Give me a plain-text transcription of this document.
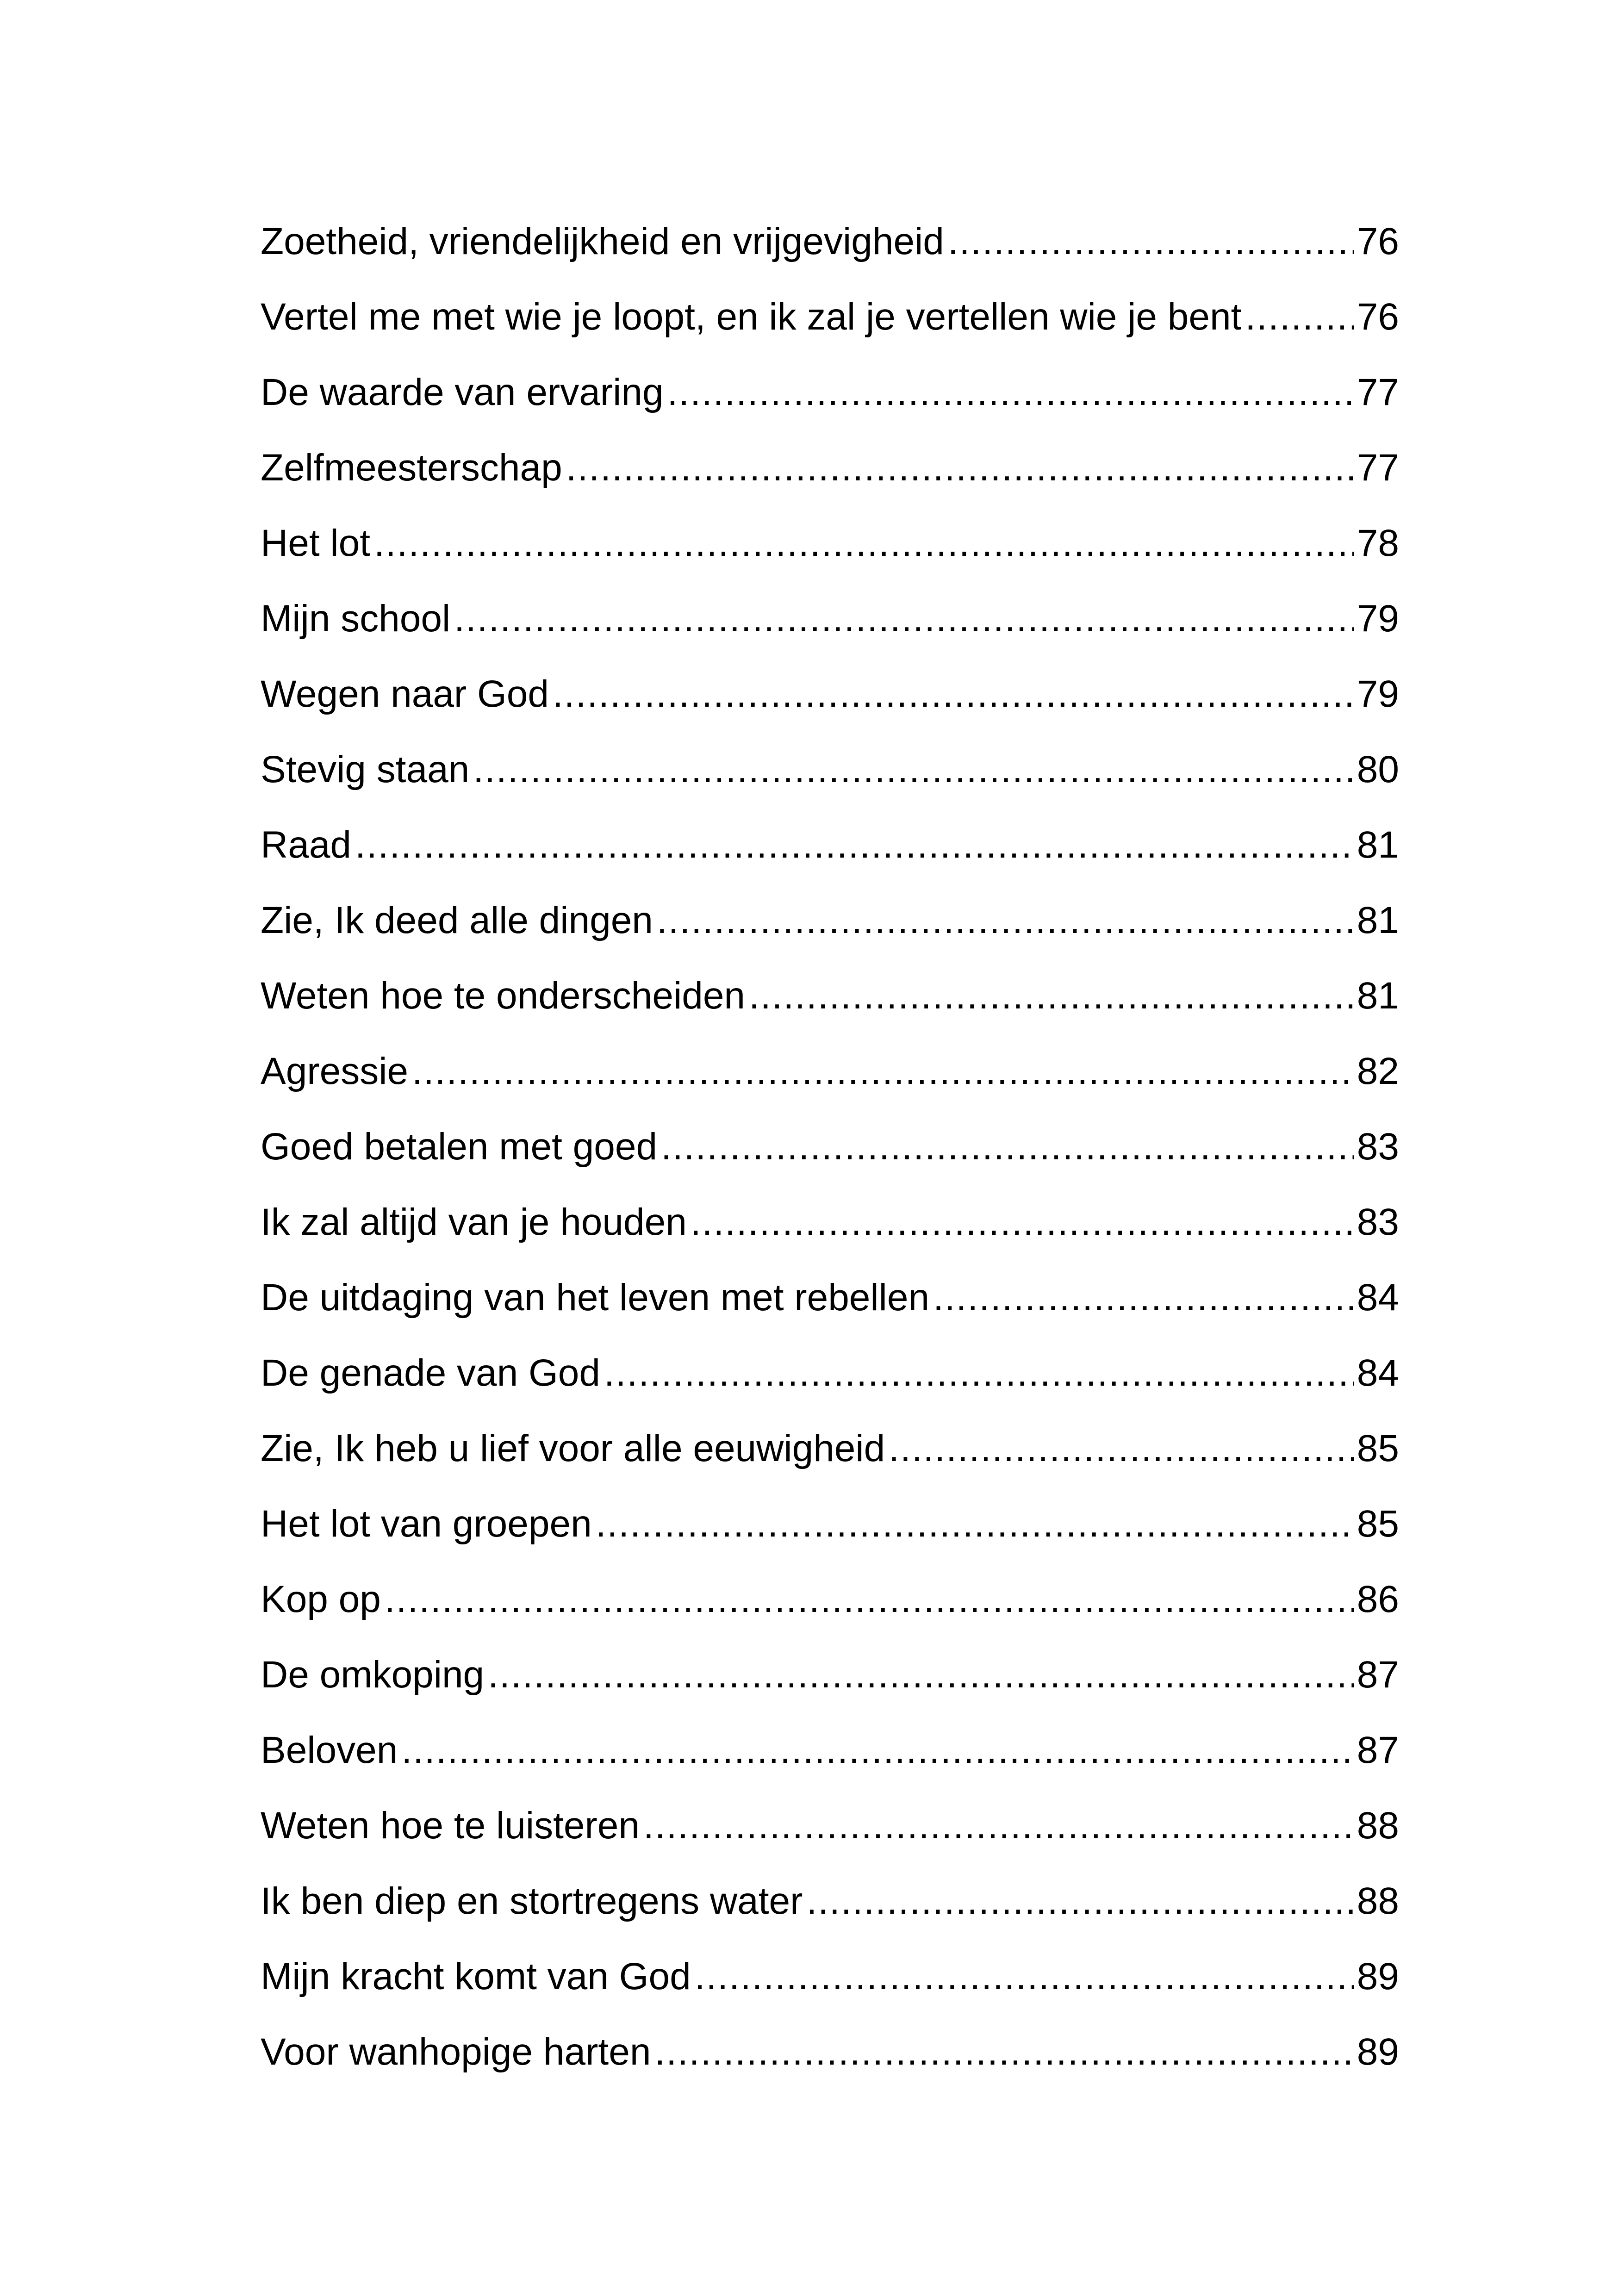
Zoetheid, vriendelijkheid en vrijgevigheid .....	76
Vertel me met wie je loopt, en ik zal je vertellen wie je bent .....	76
De waarde van ervaring .....	77
Zelfmeesterschap .....	77
Het lot .....	78
Mijn school .....	79
Wegen naar God .....	79
Stevig staan .....	80
Raad .....	81
Zie, Ik deed alle dingen .....	81
Weten hoe te onderscheiden .....	81
Agressie .....	82
Goed betalen met goed .....	83
Ik zal altijd van je houden .....	83
De uitdaging van het leven met rebellen .....	84
De genade van God .....	84
Zie, Ik heb u lief voor alle eeuwigheid .....	85
Het lot van groepen .....	85
Kop op .....	86
De omkoping .....	87
Beloven .....	87
Weten hoe te luisteren .....	88
Ik ben diep en stortregens water .....	88
Mijn kracht komt van God .....	89
Voor wanhopige harten .....	89
